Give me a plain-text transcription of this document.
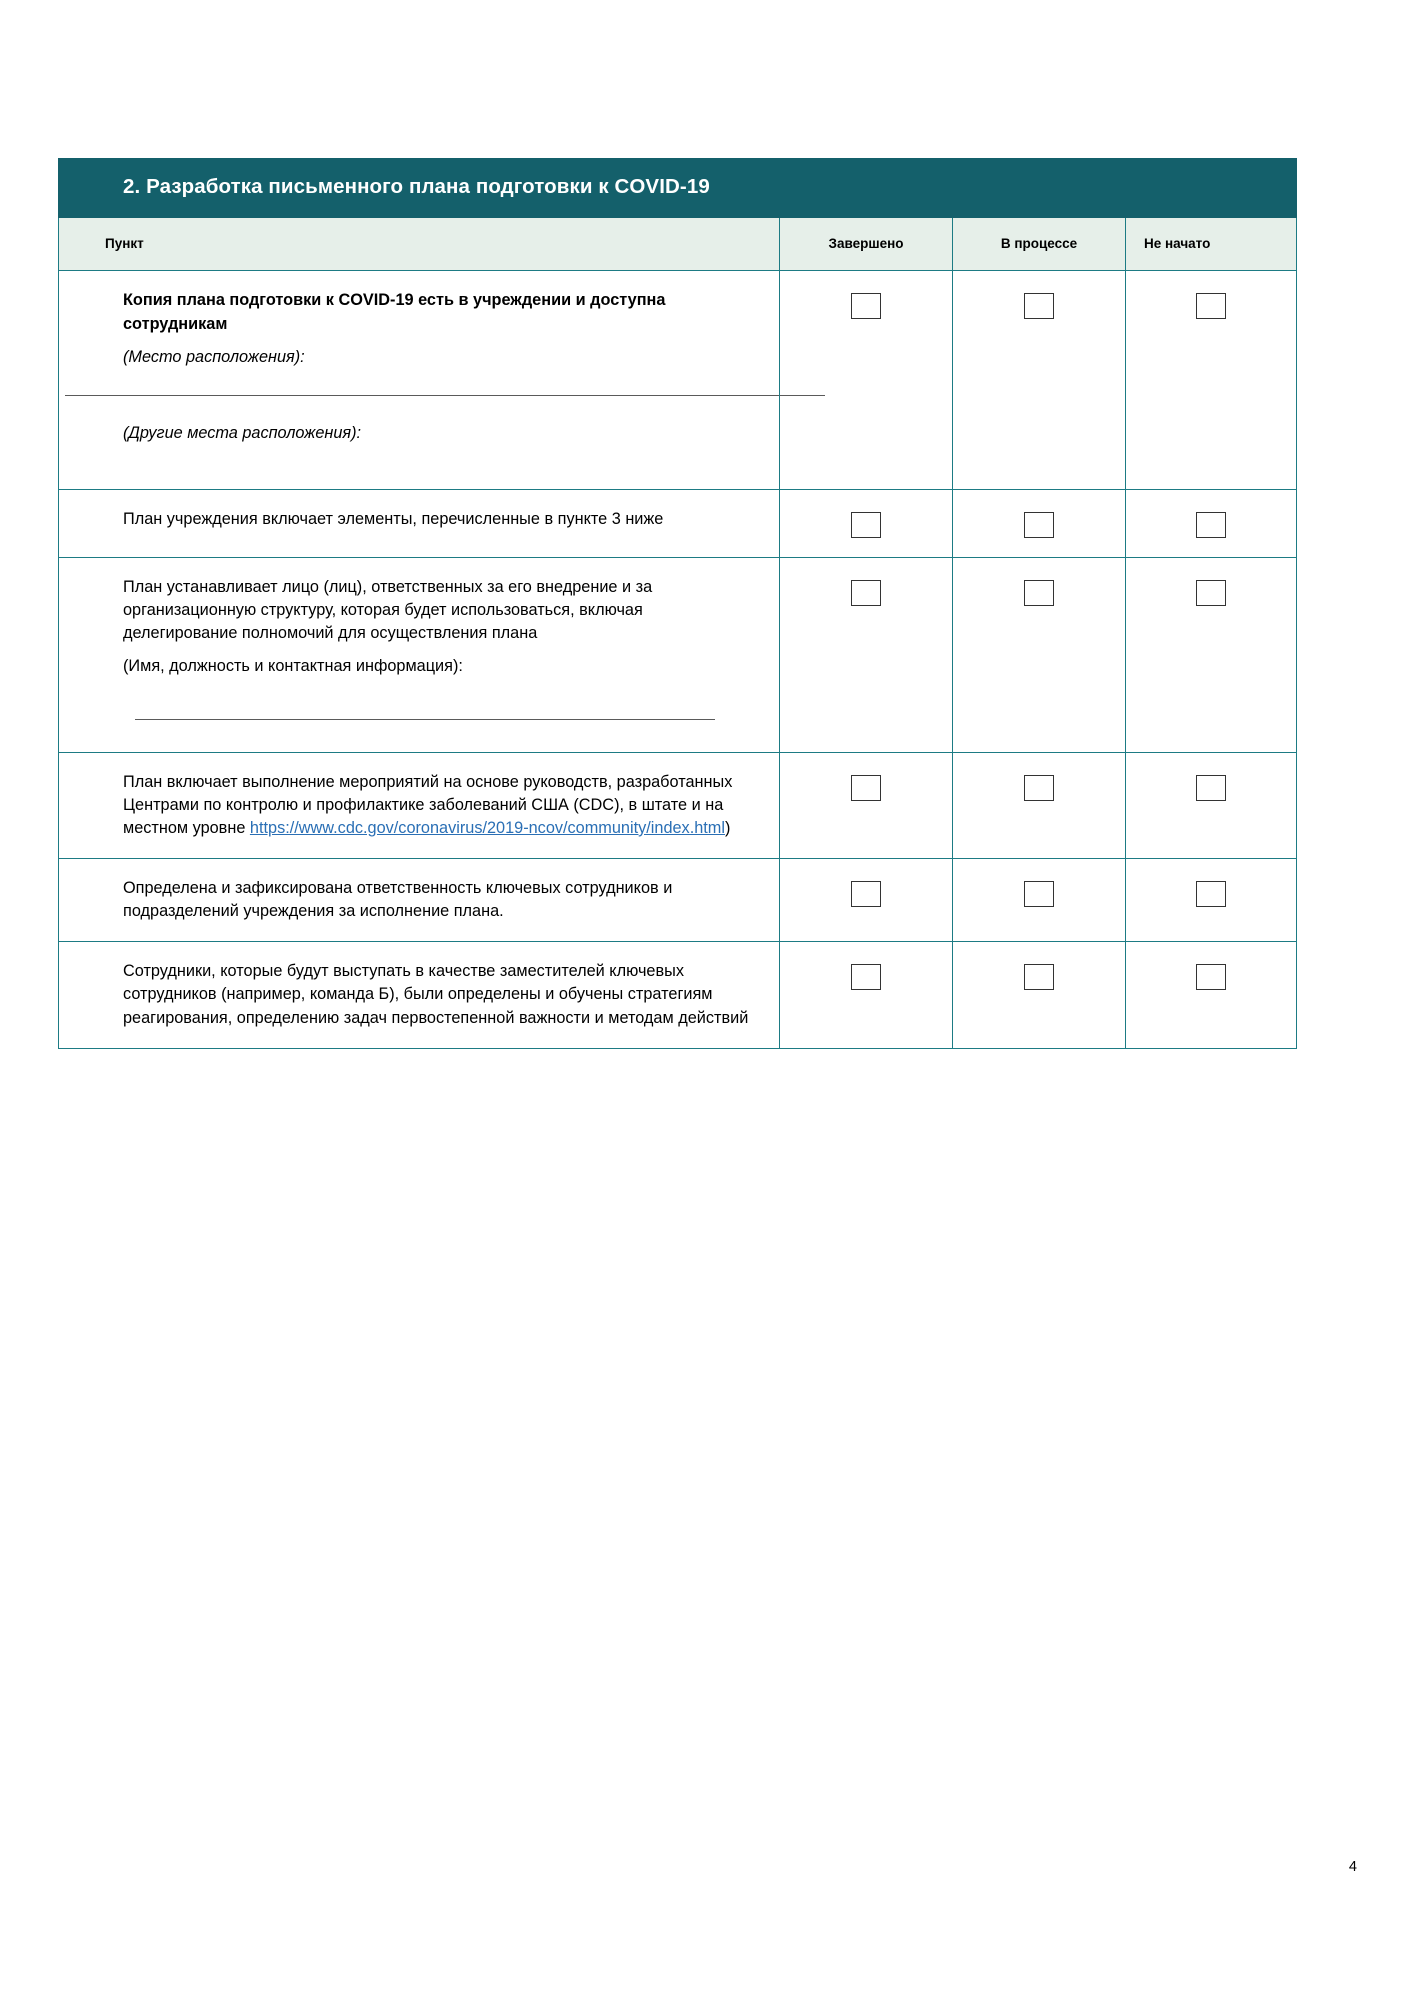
2. Разработка письменного плана подготовки к COVID-19			

Пункт	Завершено	В процессе	Не начато

Копия плана подготовки к COVID-19 есть в учреждении и доступна сотрудникам
(Место расположения):
(Другие места расположения):			

План учреждения включает элементы, перечисленные в пункте 3 ниже			

План устанавливает лицо (лиц), ответственных за его внедрение и за организационную структуру, которая будет использоваться, включая делегирование полномочий для осуществления плана
(Имя, должность и контактная информация):			

План включает выполнение мероприятий на основе руководств, разработанных Центрами по контролю и профилактике заболеваний США (CDC), в штате и на местном уровне https://www.cdc.gov/coronavirus/2019-ncov/community/index.html)			

Определена и зафиксирована ответственность ключевых сотрудников и подразделений учреждения за исполнение плана.			

Сотрудники, которые будут выступать в качестве заместителей ключевых сотрудников (например, команда Б), были определены и обучены стратегиям реагирования, определению задач первостепенной важности и методам действий			

4
